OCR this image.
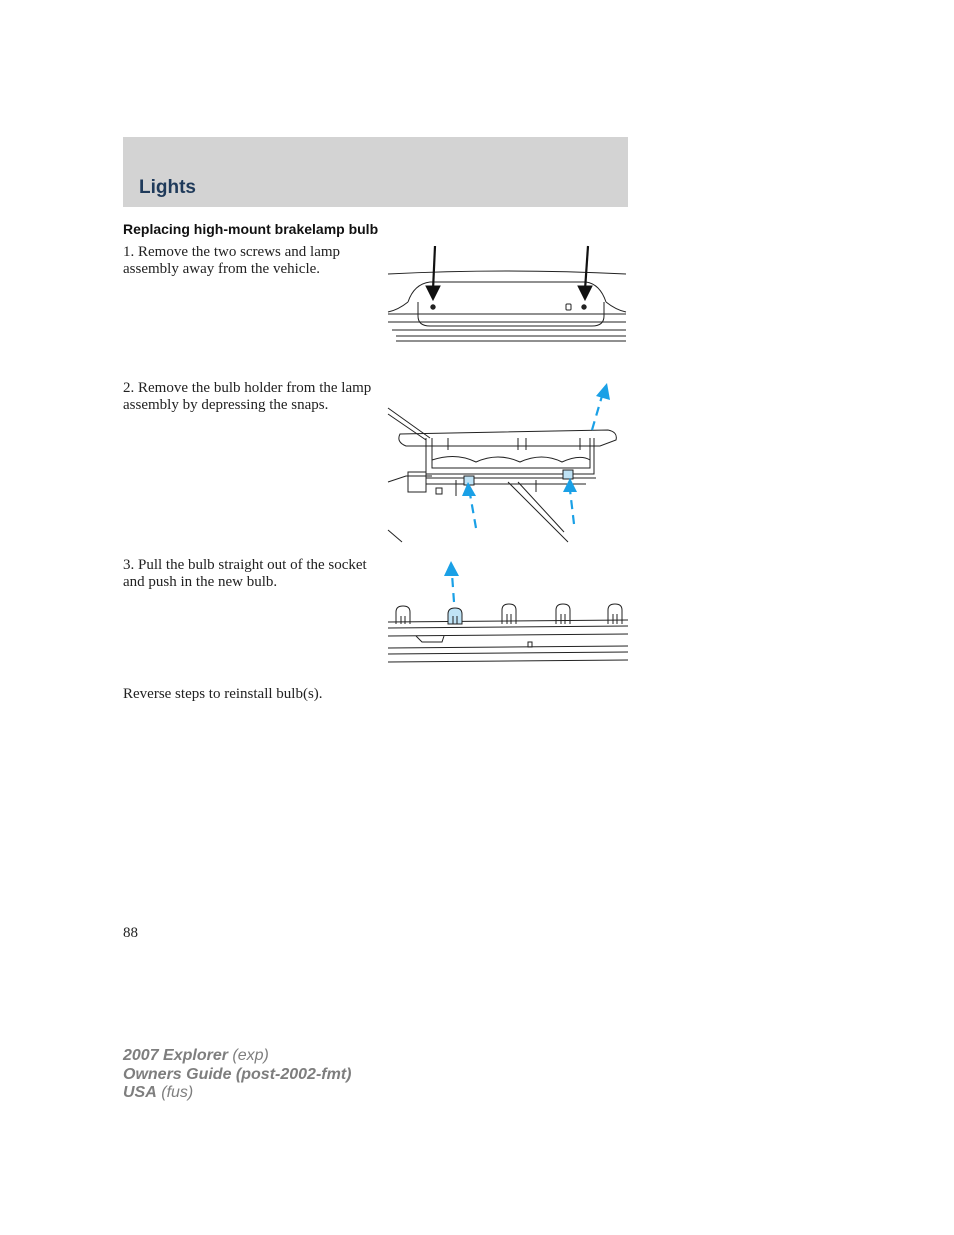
Lights
Replacing high-mount brakelamp bulb
1. Remove the two screws and lamp assembly away from the vehicle.
2. Remove the bulb holder from the lamp assembly by depressing the snaps.
3. Pull the bulb straight out of the socket and push in the new bulb.
Reverse steps to reinstall bulb(s).
88
2007 Explorer (exp)
Owners Guide (post-2002-fmt)
USA (fus)
